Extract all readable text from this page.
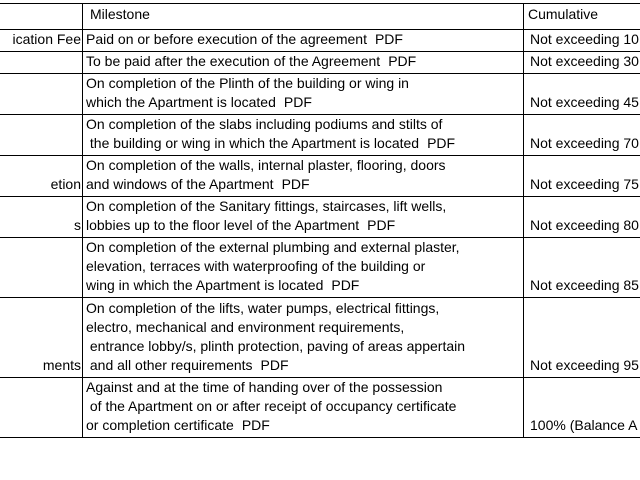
	Milestone	Cumulative
ication Fee	Paid on or before execution of the agreement PDF	Not exceeding 10

	To be paid after the execution of the Agreement PDF	Not exceeding 30

	On completion of the Plinth of the building or wing in
which the Apartment is located PDF	Not exceeding 45

	On completion of the slabs including podiums and stilts of
the building or wing in which the Apartment is located PDF	Not exceeding 70
etion	On completion of the walls, internal plaster, flooring, doors
and windows of the Apartment PDF	Not exceeding 75
s	On completion of the Sanitary fittings, staircases, lift wells,
lobbies up to the floor level of the Apartment PDF	Not exceeding 80

	On completion of the external plumbing and external plaster,
elevation, terraces with waterproofing of the building or
wing in which the Apartment is located PDF	Not exceeding 85
ments	On completion of the lifts, water pumps, electrical fittings,
electro, mechanical and environment requirements,
entrance lobby/s, plinth protection, paving of areas appertain
and all other requirements PDF	Not exceeding 95

	Against and at the time of handing over of the possession
of the Apartment on or after receipt of occupancy certificate
or completion certificate PDF	100% (Balance A
